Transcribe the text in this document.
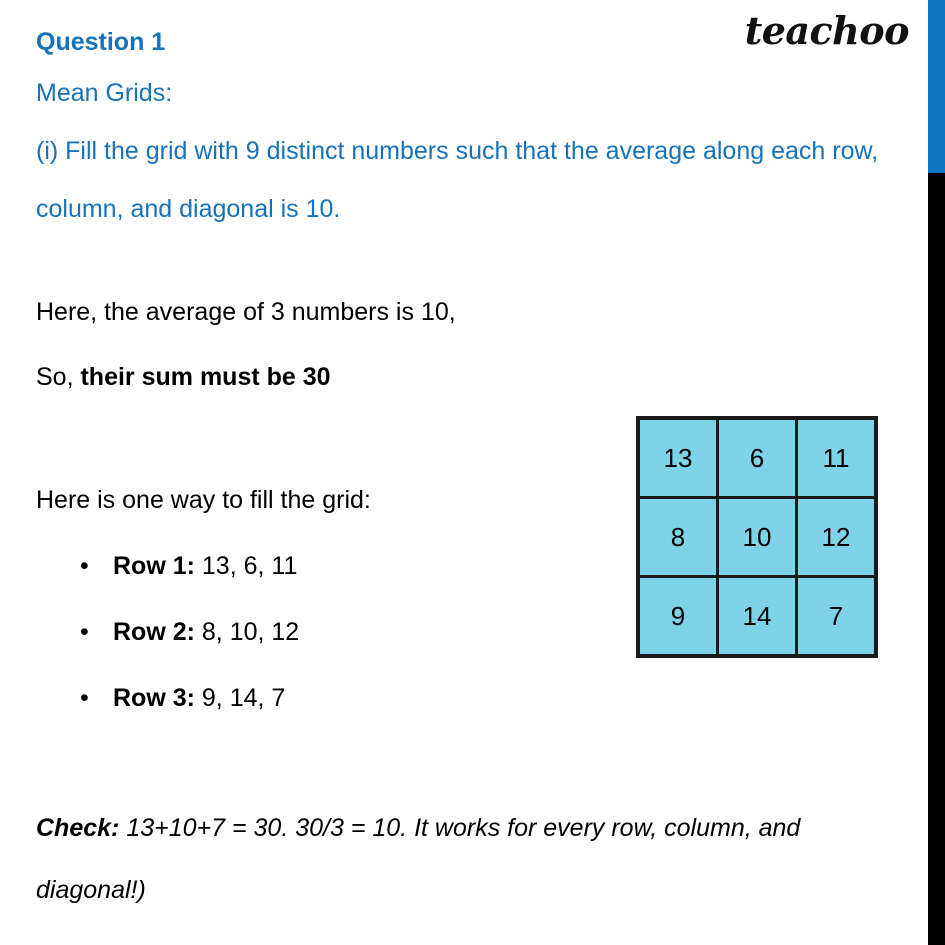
teachoo

Question 1

Mean Grids:

(i) Fill the grid with 9 distinct numbers such that the average along each row, column, and diagonal is 10.

Here, the average of 3 numbers is 10,

So, their sum must be 30

Here is one way to fill the grid:

• Row 1: 13, 6, 11
• Row 2: 8, 10, 12
• Row 3: 9, 14, 7

Check: 13+10+7 = 30. 30/3 = 10. It works for every row, column, and diagonal!)

13	6	11
8	10	12
9	14	7
